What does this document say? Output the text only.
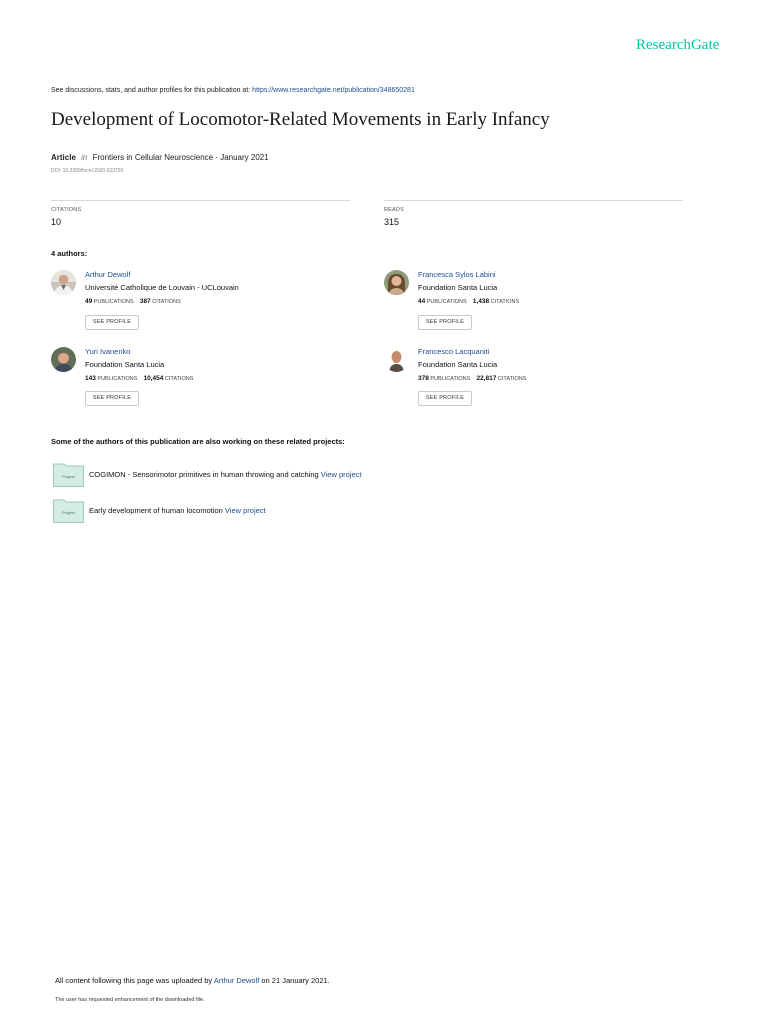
ResearchGate
See discussions, stats, and author profiles for this publication at: https://www.researchgate.net/publication/348650281
Development of Locomotor-Related Movements in Early Infancy
Article in Frontiers in Cellular Neuroscience · January 2021
DOI: 10.3389/fncel.2020.623759
CITATIONS
10
READS
315
4 authors:
Arthur Dewolf
Université Catholique de Louvain - UCLouvain
49 PUBLICATIONS 387 CITATIONS
SEE PROFILE
Francesca Sylos Labini
Foundation Santa Lucia
44 PUBLICATIONS 1,438 CITATIONS
SEE PROFILE
Yuri Ivanenko
Foundation Santa Lucia
143 PUBLICATIONS 10,454 CITATIONS
SEE PROFILE
Francesco Lacquaniti
Foundation Santa Lucia
378 PUBLICATIONS 22,817 CITATIONS
SEE PROFILE
Some of the authors of this publication are also working on these related projects:
Project COGIMON - Sensorimotor primitives in human throwing and catching View project
Project Early development of human locomotion View project
All content following this page was uploaded by Arthur Dewolf on 21 January 2021.
The user has requested enhancement of the downloaded file.
